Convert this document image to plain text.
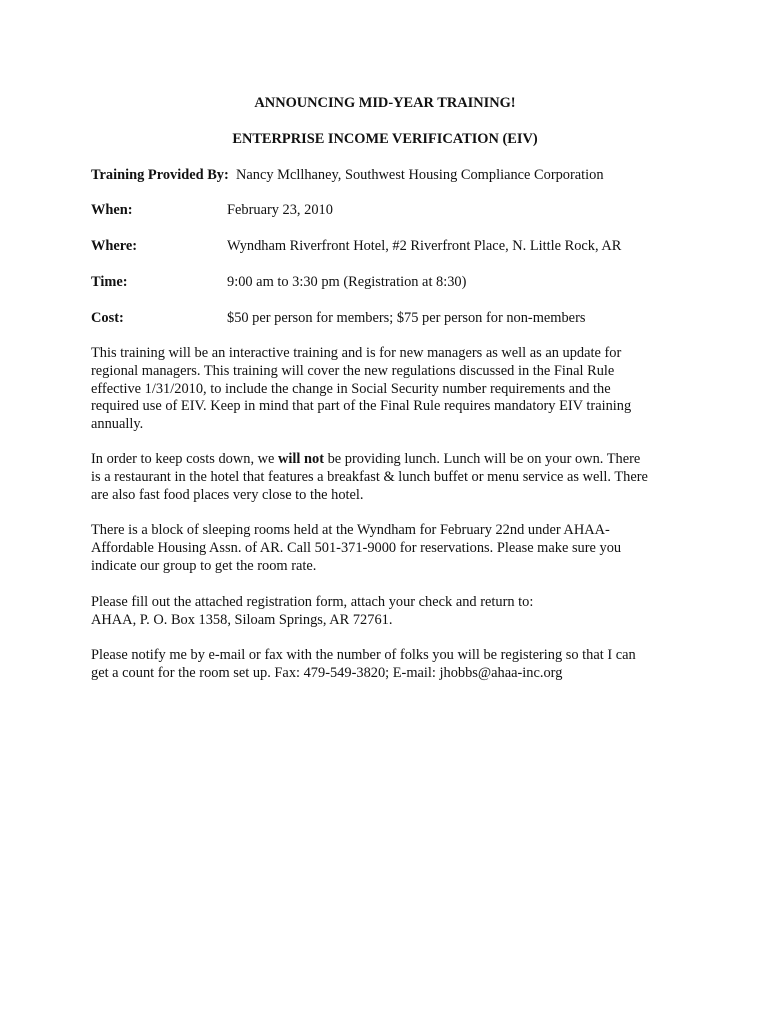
ANNOUNCING MID-YEAR TRAINING!
ENTERPRISE INCOME VERIFICATION (EIV)
Training Provided By: Nancy Mcllhaney, Southwest Housing Compliance Corporation
When:	February 23, 2010
Where:	Wyndham Riverfront Hotel, #2 Riverfront Place, N. Little Rock, AR
Time:	9:00 am to 3:30 pm (Registration at 8:30)
Cost:	$50 per person for members; $75 per person for non-members
This training will be an interactive training and is for new managers as well as an update for
regional managers. This training will cover the new regulations discussed in the Final Rule
effective 1/31/2010, to include the change in Social Security number requirements and the
required use of EIV. Keep in mind that part of the Final Rule requires mandatory EIV training
annually.
In order to keep costs down, we will not be providing lunch. Lunch will be on your own. There
is a restaurant in the hotel that features a breakfast & lunch buffet or menu service as well. There
are also fast food places very close to the hotel.
There is a block of sleeping rooms held at the Wyndham for February 22nd under AHAA-
Affordable Housing Assn. of AR. Call 501-371-9000 for reservations. Please make sure you
indicate our group to get the room rate.
Please fill out the attached registration form, attach your check and return to:
AHAA, P. O. Box 1358, Siloam Springs, AR 72761.
Please notify me by e-mail or fax with the number of folks you will be registering so that I can
get a count for the room set up. Fax: 479-549-3820; E-mail: jhobbs@ahaa-inc.org
